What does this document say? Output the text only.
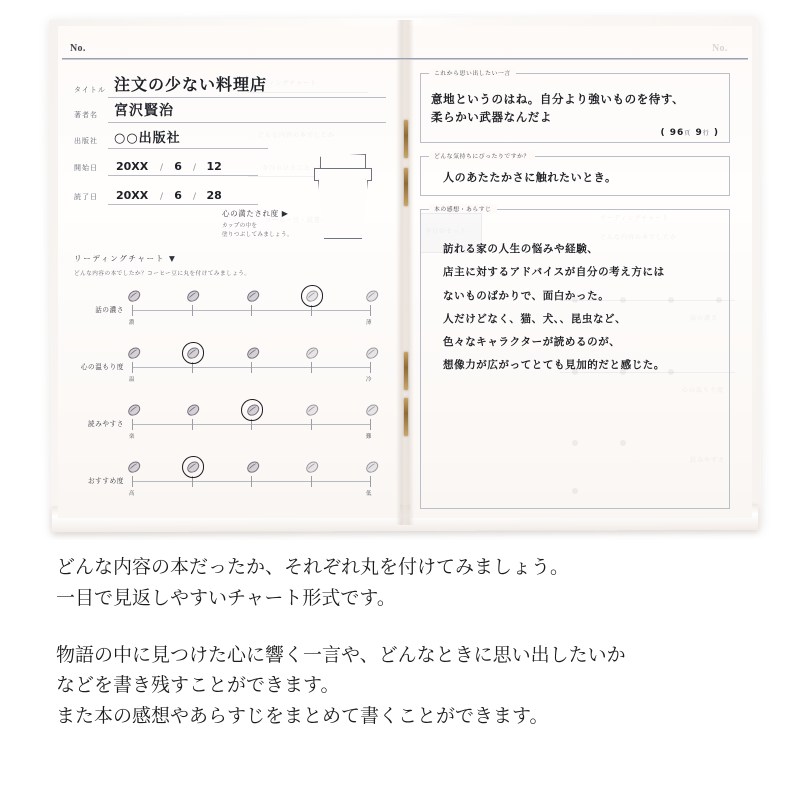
No.	No.
タイトル 注文の少ない料理店
著者名	宮沢賢治
出版社	○○出版社
開始日	20XX	/	6	/ 12
読了日	20XX	/	6	/ 28
心の満たされ度 ▶
カップの中を
塗りつぶしてみましょう。
リーディングチャート ▼
どんな内容の本でしたか？コーヒー豆に丸を付けてみましょう。
話の濃さ
濃	薄
心の温もり度
温	冷
読みやすさ
楽	難
おすすめ度
高	低
これから思い出したい一言
意地というのはね。自分より強いものを待す、
柔らかい武器なんだよ
( 96頁 9行 )
どんな気持ちにぴったりですか？
人のあたたかさに触れたいとき。
本の感想・あらすじ
訪れる家の人生の悩みや経験、
店主に対するアドバイスが自分の考え方には
ないものばかりで、面白かった。
人だけどなく、猫、犬、、昆虫など、
色々なキャラクターが読めるのが、
想像力が広がってとても見加的だと感じた。

どんな内容の本だったか、それぞれ丸を付けてみましょう。

一目で見返しやすいチャート形式です。

物語の中に見つけた心に響く一言や、どんなときに思い出したいか

などを書き残すことができます。

また本の感想やあらすじをまとめて書くことができます。
